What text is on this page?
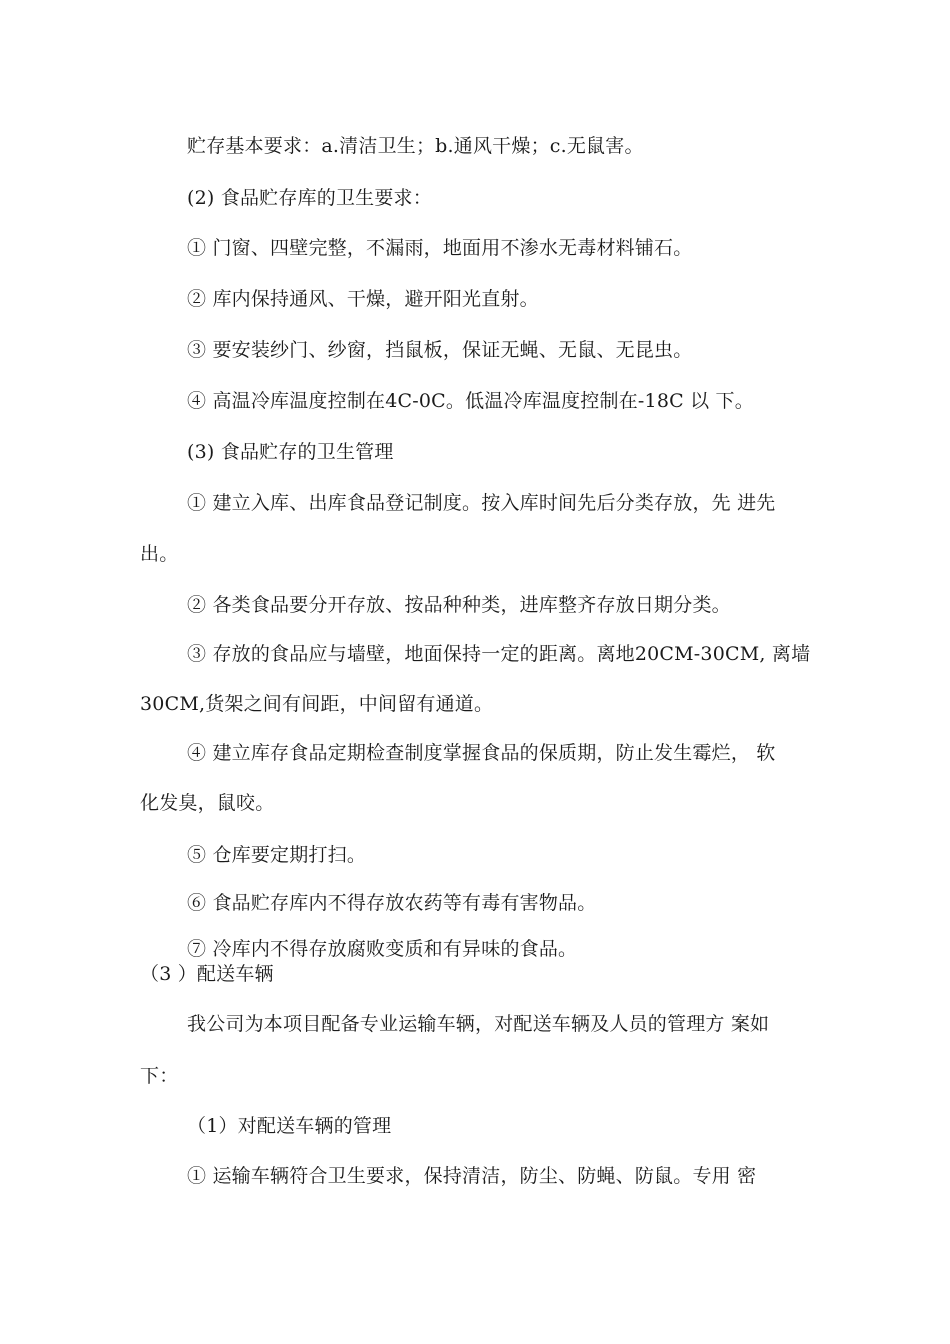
贮存基本要求：a.清洁卫生；b.通风干燥；c.无鼠害。
(2) 食品贮存库的卫生要求：
① 门窗、四壁完整，不漏雨，地面用不渗水无毒材料铺石。
② 库内保持通风、干燥，避开阳光直射。
③ 要安装纱门、纱窗，挡鼠板，保证无蝇、无鼠、无昆虫。
④ 高温冷库温度控制在4C-0C。低温冷库温度控制在-18C 以 下。
(3) 食品贮存的卫生管理
① 建立入库、出库食品登记制度。按入库时间先后分类存放，先 进先
出。
② 各类食品要分开存放、按品种种类，进库整齐存放日期分类。
③ 存放的食品应与墙壁，地面保持一定的距离。离地20CM-30CM, 离墙
30CM,货架之间有间距，中间留有通道。
④ 建立库存食品定期检查制度掌握食品的保质期，防止发生霉烂， 软
化发臭，鼠咬。
⑤ 仓库要定期打扫。
⑥ 食品贮存库内不得存放农药等有毒有害物品。
⑦ 冷库内不得存放腐败变质和有异味的食品。
（3 ）配送车辆
我公司为本项目配备专业运输车辆，对配送车辆及人员的管理方 案如
下：
（1）对配送车辆的管理
① 运输车辆符合卫生要求，保持清洁，防尘、防蝇、防鼠。专用 密
